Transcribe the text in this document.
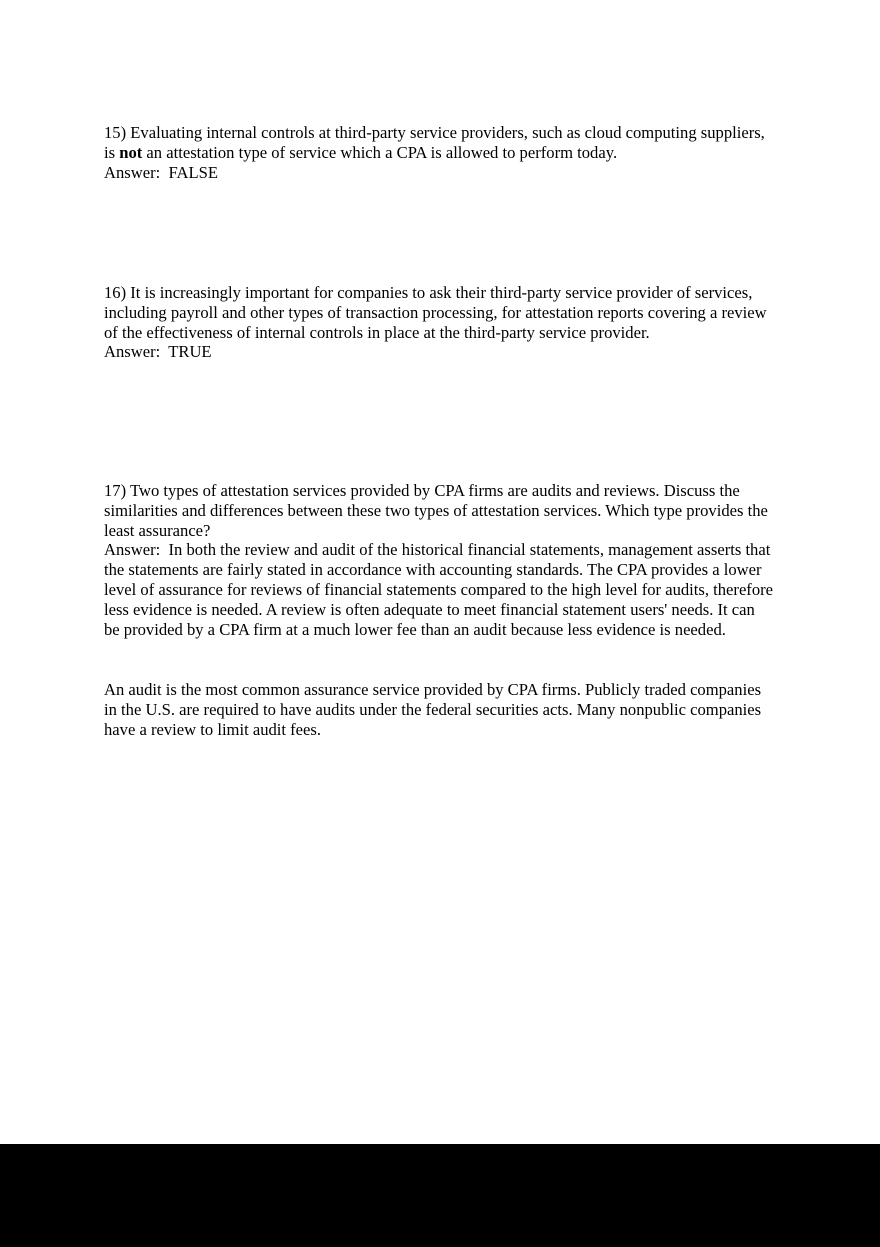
15) Evaluating internal controls at third-party service providers, such as cloud computing suppliers, is not an attestation type of service which a CPA is allowed to perform today.

Answer: FALSE

16) It is increasingly important for companies to ask their third-party service provider of services, including payroll and other types of transaction processing, for attestation reports covering a review of the effectiveness of internal controls in place at the third-party service provider.

Answer: TRUE

17) Two types of attestation services provided by CPA firms are audits and reviews. Discuss the similarities and differences between these two types of attestation services. Which type provides the least assurance?

Answer: In both the review and audit of the historical financial statements, management asserts that the statements are fairly stated in accordance with accounting standards. The CPA provides a lower level of assurance for reviews of financial statements compared to the high level for audits, therefore less evidence is needed. A review is often adequate to meet financial statement users' needs. It can be provided by a CPA firm at a much lower fee than an audit because less evidence is needed.

An audit is the most common assurance service provided by CPA firms. Publicly traded companies in the U.S. are required to have audits under the federal securities acts. Many nonpublic companies have a review to limit audit fees.
